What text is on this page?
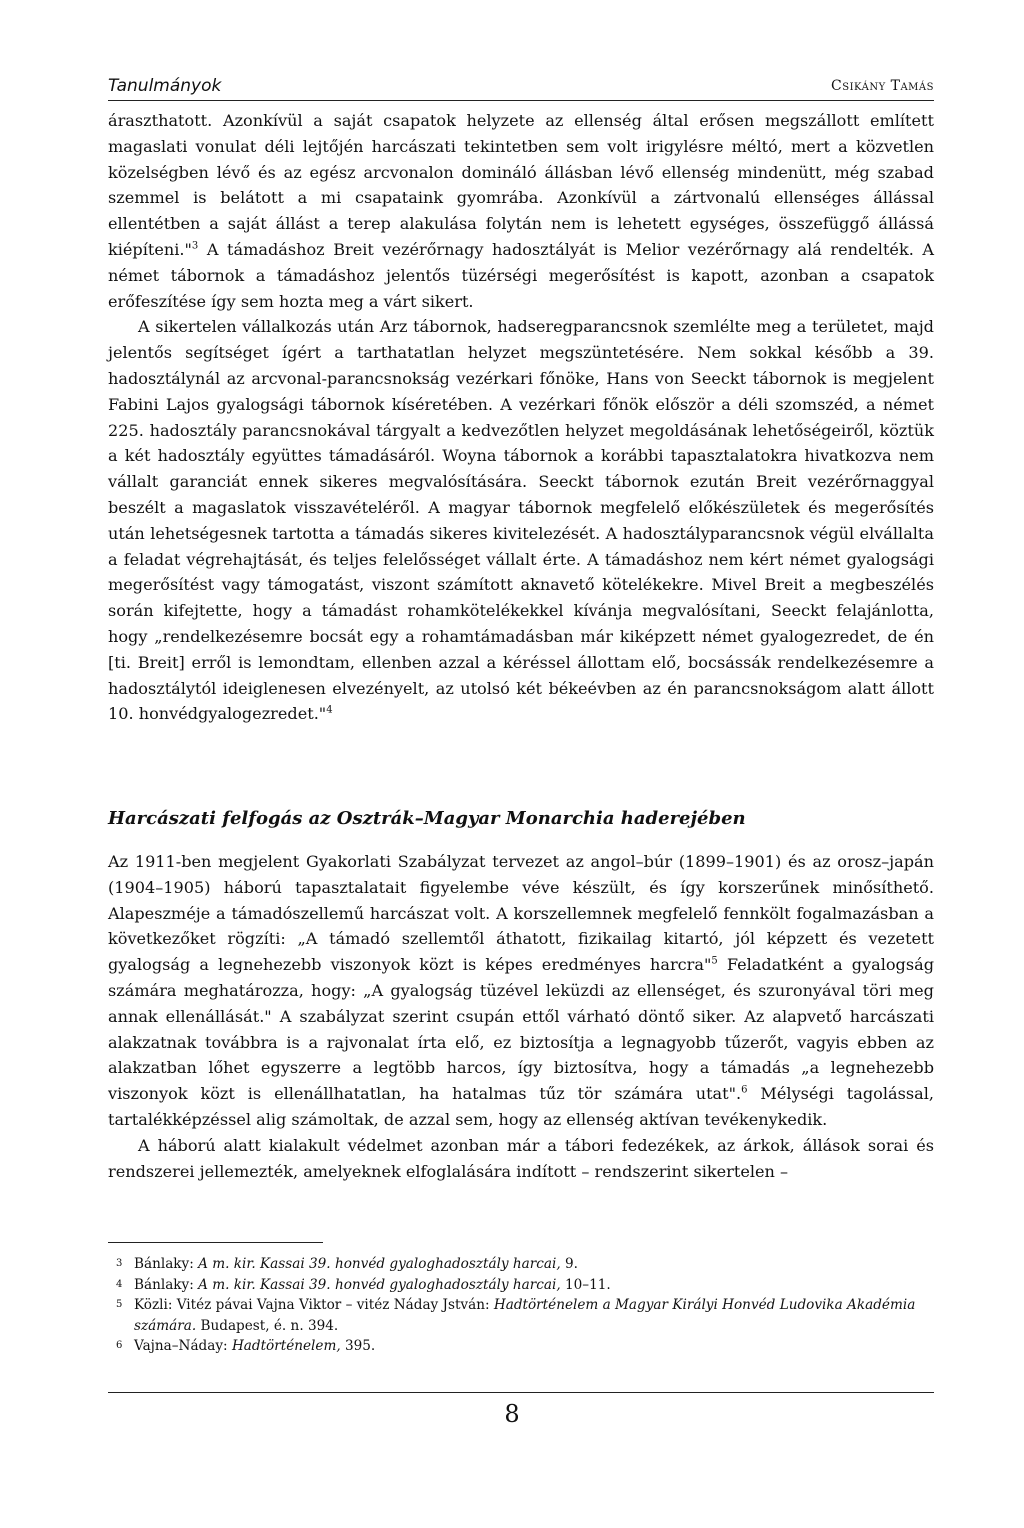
Tanulmányok	Csikány Tamás

áraszthatott. Azonkívül a saját csapatok helyzete az ellenség által erősen megszállott említett magaslati vonulat déli lejtőjén harcászati tekintetben sem volt irigylésre méltó, mert a közvetlen közelségben lévő és az egész arcvonalon domináló állásban lévő ellenség mindenütt, még szabad szemmel is belátott a mi csapataink gyomrába. Azonkívül a zártvonalú ellenséges állással ellentétben a saját állást a terep alakulása folytán nem is lehetett egységes, összefüggő állássá kiépíteni."$^3$ A támadáshoz Breit vezérőrnagy hadosztályát is Melior vezérőrnagy alá rendelték. A német tábornok a támadáshoz jelentős tüzérségi megerősítést is kapott, azonban a csapatok erőfeszítése így sem hozta meg a várt sikert.

A sikertelen vállalkozás után Arz tábornok, hadseregparancsnok szemlélte meg a területet, majd jelentős segítséget ígért a tarthatatlan helyzet megszüntetésére. Nem sokkal később a 39. hadosztálynál az arcvonal-parancsnokság vezérkari főnöke, Hans von Seeckt tábornok is megjelent Fabini Lajos gyalogsági tábornok kíséretében. A vezérkari főnök először a déli szomszéd, a német 225. hadosztály parancsnokával tárgyalt a kedvezőtlen helyzet megoldásának lehetőségeiről, köztük a két hadosztály együttes támadásáról. Woyna tábornok a korábbi tapasztalatokra hivatkozva nem vállalt garanciát ennek sikeres megvalósítására. Seeckt tábornok ezután Breit vezérőrnaggyal beszélt a magaslatok visszavételéről. A magyar tábornok megfelelő előkészületek és megerősítés után lehetségesnek tartotta a támadás sikeres kivitelezését. A hadosztályparancsnok végül elvállalta a feladat végrehajtását, és teljes felelősséget vállalt érte. A támadáshoz nem kért német gyalogsági megerősítést vagy támogatást, viszont számított aknavető kötelékekre. Mivel Breit a megbeszélés során kifejtette, hogy a támadást rohamkötelékekkel kívánja megvalósítani, Seeckt felajánlotta, hogy „rendelkezésemre bocsát egy a rohamtámadásban már kiképzett német gyalogezredet, de én [ti. Breit] erről is lemondtam, ellenben azzal a kéréssel állottam elő, bocsássák rendelkezésemre a hadosztálytól ideiglenesen elvezényelt, az utolsó két békeévben az én parancsnokságom alatt állott 10. honvédgyalogezredet."$^4$

Harcászati felfogás az Osztrák–Magyar Monarchia haderejében

Az 1911-ben megjelent Gyakorlati Szabályzat tervezet az angol–búr (1899–1901) és az orosz–japán (1904–1905) háború tapasztalatait figyelembe véve készült, és így korszerűnek minősíthető. Alapeszméje a támadószellemű harcászat volt. A korszellemnek megfelelő fennkölt fogalmazásban a következőket rögzíti: „A támadó szellemtől áthatott, fizikailag kitartó, jól képzett és vezetett gyalogság a legnehezebb viszonyok közt is képes eredményes harcra"$^5$ Feladatként a gyalogság számára meghatározza, hogy: „A gyalogság tüzével leküzdi az ellenséget, és szuronyával töri meg annak ellenállását." A szabályzat szerint csupán ettől várható döntő siker. Az alapvető harcászati alakzatnak továbbra is a rajvonalat írta elő, ez biztosítja a legnagyobb tűzerőt, vagyis ebben az alakzatban lőhet egyszerre a legtöbb harcos, így biztosítva, hogy a támadás „a legnehezebb viszonyok közt is ellenállhatatlan, ha hatalmas tűz tör számára utat".$^6$ Mélységi tagolással, tartalékképzéssel alig számoltak, de azzal sem, hogy az ellenség aktívan tevékenykedik.

A háború alatt kialakult védelmet azonban már a tábori fedezékek, az árkok, állások sorai és rendszerei jellemezték, amelyeknek elfoglalására indított – rendszerint sikertelen –

3 Bánlaky: A m. kir. Kassai 39. honvéd gyaloghadosztály harcai, 9.
4 Bánlaky: A m. kir. Kassai 39. honvéd gyaloghadosztály harcai, 10–11.
5 Közli: Vitéz pávai Vajna Viktor – vitéz Náday Jstván: Hadtörténelem a Magyar Királyi Honvéd Ludovika Akadémia számára. Budapest, é. n. 394.
6 Vajna–Náday: Hadtörténelem, 395.
8
